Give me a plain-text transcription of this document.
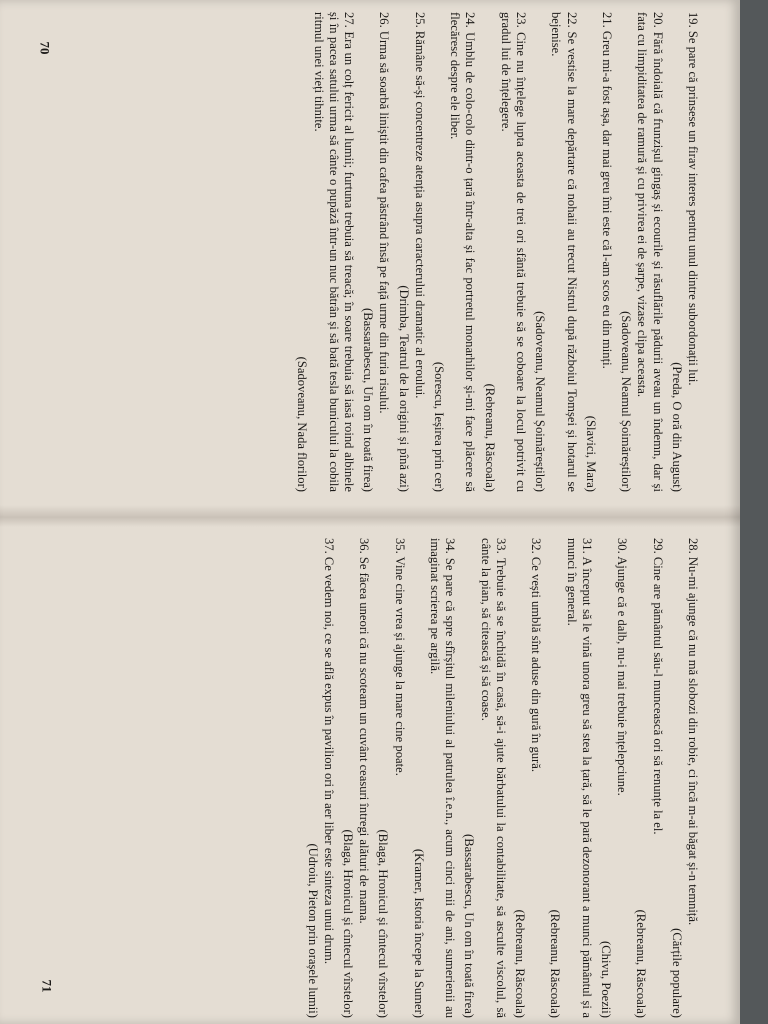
19. Se pare că prinsese un firav interes pentru unul dintre subordonații lui.
(Preda, O oră din August)
20. Fără îndoială că frunzișul gingaș și ecourile și răsuflările pădurii aveau un îndemn, dar și fata cu limpiditatea de ramură și cu privirea ei de șarpe, vizase clipa aceasta.
(Sadoveanu, Neamul Șoimăreștilor)
21. Greu mi-a fost așa, dar mai greu îmi este că l-am scos eu din minți.
(Slavici, Mara)
22. Se vestise la mare depărtare că nohaii au trecut Nistrul după războiul Tomșei și hotarul se bejenise.
(Sadoveanu, Neamul Șoimăreștilor)
23. Cine nu înțelege lupta aceasta de trei ori sfântă trebuie să se coboare la locul potrivit cu gradul lui de înțelegere.
(Rebreanu, Răscoala)
24. Umblu de colo-colo dintr-o țară într-alta și fac portretul monarhilor și-mi face plăcere să flecăresc despre ele liber.
(Sorescu, Ieșirea prin cer)
25. Rămâne să-și concentreze atenția asupra caracterului dramatic al eroului.
(Drimba, Teatrul de la origini și pînă azi)
26. Urma să soarbă liniștit din cafea păstrând însă pe față urme din furia risului.
(Bassarabescu, Un om în toată firea)
27. Era un colț fericit al lumii; furtuna trebuia să treacă; în soare trebuia să iasă roind albinele și în pacea satului urma să cânte o pupăză într-un nuc bătrân și să bată tesla bunicului la cobila ritmul unei vieți tihnite.
(Sadoveanu, Nada florilor)
28. Nu-mi ajunge că nu mă slobozi din robie, ci încă m-ai băgat și-n temniță.
(Cărțile populare)
29. Cine are pământul său-l muncească ori să renunțe la el.
(Rebreanu, Răscoala)
30. Ajunge că e dalb, nu-i mai trebuie înțelepciune.
(Chivu, Poezii)
31. A început să le vină unora greu să stea la țară, să le pară dezonorant a munci pământul și a munci în general.
(Rebreanu, Răscoala)
32. Ce vești umblă sînt aduse din gură în gură.
(Rebreanu, Răscoala)
33. Trebuie să se închidă în casă, să-i ajute bărbatului la contabilitate, să asculte viscolul, să cânte la pian, să citească și să coase.
(Bassarabescu, Un om în toată firea)
34. Se pare că spre sfîrșitul mileniului al patrulea î.e.n., acum cinci mii de ani, sumerienii au imaginat scrierea pe argilă.
(Kramer, Istoria începe la Sumer)
35. Vine cine vrea și ajunge la mare cine poate.
(Blaga, Hronicul și cîntecul vîrstelor)
36. Se făcea uneori că nu scoteam un cuvânt ceasuri întregi alături de mama.
(Blaga, Hronicul și cîntecul vîrstelor)
37. Ce vedem noi, ce se află expus în pavilion ori în aer liber este sinteza unui drum.
(Udroiu, Pieton prin orașele lumii)
70
71
